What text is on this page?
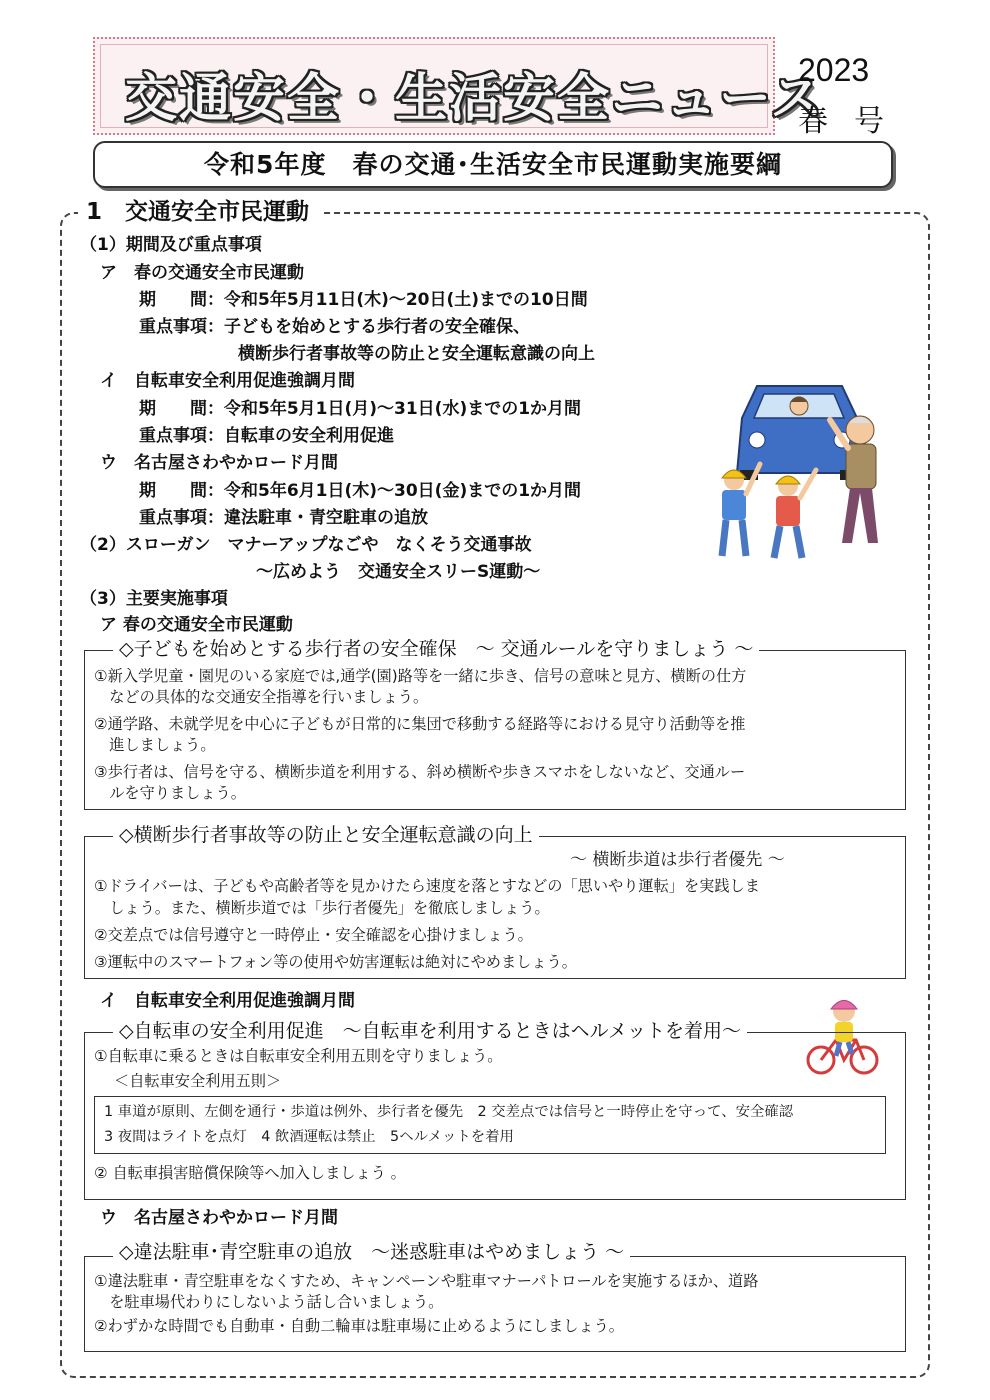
交通安全・生活安全ニュース
2023
春号
令和5年度　春の交通･生活安全市民運動実施要綱
1　交通安全市民運動
（1）期間及び重点事項
ア　春の交通安全市民運動
期　　間：令和5年5月11日(木)～20日(土)までの10日間
重点事項：子どもを始めとする歩行者の安全確保、
横断歩行者事故等の防止と安全運転意識の向上
イ　自転車安全利用促進強調月間
期　　間：令和5年5月1日(月)～31日(水)までの1か月間
重点事項：自転車の安全利用促進
ウ　名古屋さわやかロード月間
期　　間：令和5年6月1日(木)～30日(金)までの1か月間
重点事項：違法駐車・青空駐車の追放
（2）スローガン　マナーアップなごや　なくそう交通事故
～広めよう　交通安全スリーS運動～
（3）主要実施事項
ア 春の交通安全市民運動
◇子どもを始めとする歩行者の安全確保　～ 交通ルールを守りましょう ～
①新入学児童・園児のいる家庭では,通学(園)路等を一緒に歩き、信号の意味と見方、横断の仕方
　などの具体的な交通安全指導を行いましょう。
②通学路、未就学児を中心に子どもが日常的に集団で移動する経路等における見守り活動等を推
　進しましょう。
③歩行者は、信号を守る、横断歩道を利用する、斜め横断や歩きスマホをしないなど、交通ルー
　ルを守りましょう。
◇横断歩行者事故等の防止と安全運転意識の向上
～ 横断歩道は歩行者優先 ～
①ドライバーは、子どもや高齢者等を見かけたら速度を落とすなどの「思いやり運転」を実践しま
　しょう。また、横断歩道では「歩行者優先」を徹底しましょう。
②交差点では信号遵守と一時停止・安全確認を心掛けましょう。
③運転中のスマートフォン等の使用や妨害運転は絶対にやめましょう。
イ　自転車安全利用促進強調月間
◇自転車の安全利用促進　～自転車を利用するときはヘルメットを着用～
①自転車に乗るときは自転車安全利用五則を守りましょう。
＜自転車安全利用五則＞
1 車道が原則、左側を通行・歩道は例外、歩行者を優先　2 交差点では信号と一時停止を守って、安全確認
3 夜間はライトを点灯　4 飲酒運転は禁止　5ヘルメットを着用
② 自転車損害賠償保険等へ加入しましょう 。
ウ　名古屋さわやかロード月間
◇違法駐車･青空駐車の追放　～迷惑駐車はやめましょう ～
①違法駐車・青空駐車をなくすため、キャンペーンや駐車マナーパトロールを実施するほか、道路
　を駐車場代わりにしないよう話し合いましょう。
②わずかな時間でも自動車・自動二輪車は駐車場に止めるようにしましょう。
